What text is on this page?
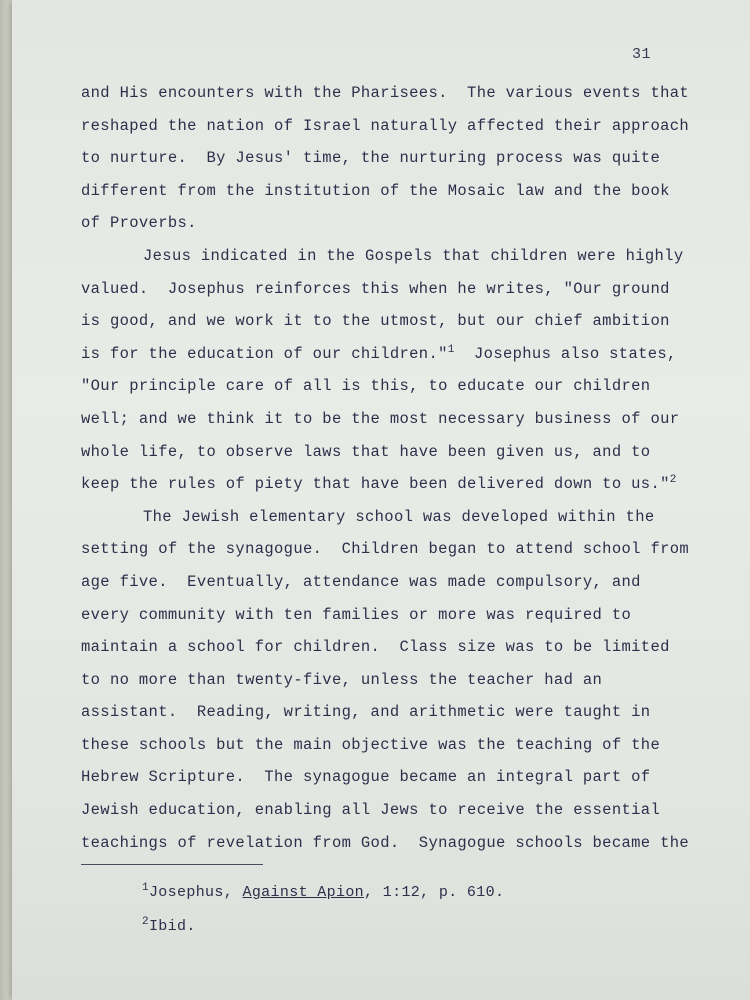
31
and His encounters with the Pharisees.  The various events that
reshaped the nation of Israel naturally affected their approach
to nurture.  By Jesus' time, the nurturing process was quite
different from the institution of the Mosaic law and the book
of Proverbs.
Jesus indicated in the Gospels that children were highly
valued.  Josephus reinforces this when he writes, "Our ground
is good, and we work it to the utmost, but our chief ambition
is for the education of our children."$^1$  Josephus also states,
"Our principle care of all is this, to educate our children
well; and we think it to be the most necessary business of our
whole life, to observe laws that have been given us, and to
keep the rules of piety that have been delivered down to us."$^2$
The Jewish elementary school was developed within the
setting of the synagogue.  Children began to attend school from
age five.  Eventually, attendance was made compulsory, and
every community with ten families or more was required to
maintain a school for children.  Class size was to be limited
to no more than twenty-five, unless the teacher had an
assistant.  Reading, writing, and arithmetic were taught in
these schools but the main objective was the teaching of the
Hebrew Scripture.  The synagogue became an integral part of
Jewish education, enabling all Jews to receive the essential
teachings of revelation from God.  Synagogue schools became the
$^1$Josephus, Against Apion, 1:12, p. 610.
$^2$Ibid.
